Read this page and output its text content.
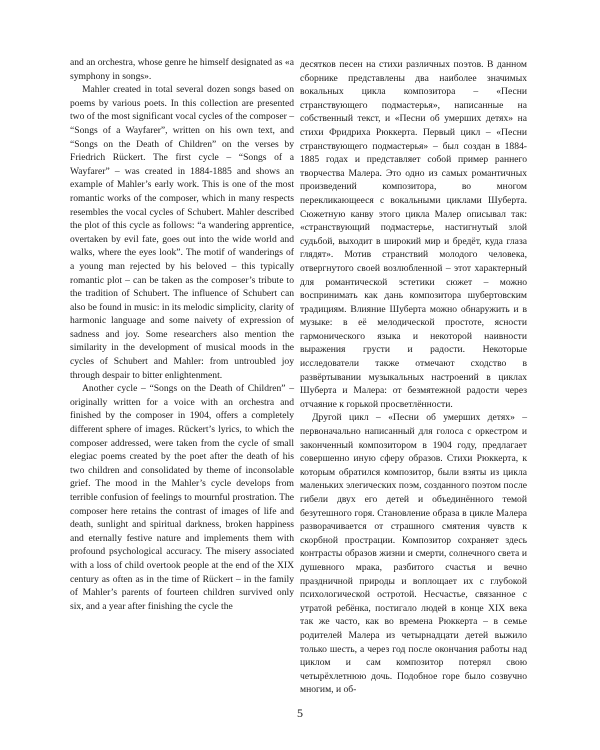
and an orchestra, whose genre he himself designated as «a symphony in songs».

Mahler created in total several dozen songs based on poems by various poets. In this collection are presented two of the most significant vocal cycles of the composer – “Songs of a Wayfarer”, written on his own text, and “Songs on the Death of Children” on the verses by Friedrich Rückert. The first cycle – “Songs of a Wayfarer” – was created in 1884-1885 and shows an example of Mahler’s early work. This is one of the most romantic works of the composer, which in many respects resembles the vocal cycles of Schubert. Mahler described the plot of this cycle as follows: “a wandering apprentice, overtaken by evil fate, goes out into the wide world and walks, where the eyes look”. The motif of wanderings of a young man rejected by his beloved – this typically romantic plot – can be taken as the composer’s tribute to the tradition of Schubert. The influence of Schubert can also be found in music: in its melodic simplicity, clarity of harmonic language and some naivety of expression of sadness and joy. Some researchers also mention the similarity in the development of musical moods in the cycles of Schubert and Mahler: from untroubled joy through despair to bitter enlightenment.

Another cycle – “Songs on the Death of Children” – originally written for a voice with an orchestra and finished by the composer in 1904, offers a completely different sphere of images. Rückert’s lyrics, to which the composer addressed, were taken from the cycle of small elegiac poems created by the poet after the death of his two children and consolidated by theme of inconsolable grief. The mood in the Mahler’s cycle develops from terrible confusion of feelings to mournful prostration. The composer here retains the contrast of images of life and death, sunlight and spiritual darkness, broken happiness and eternally festive nature and implements them with profound psychological accuracy. The misery associated with a loss of child overtook people at the end of the XIX century as often as in the time of Rückert – in the family of Mahler’s parents of fourteen children survived only six, and a year after finishing the cycle the

десятков песен на стихи различных поэтов. В данном сборнике представлены два наиболее значимых вокальных цикла композитора – «Песни странствующего подмастерья», написанные на собственный текст, и «Песни об умерших детях» на стихи Фридриха Рюккерта. Первый цикл – «Песни странствующего подмастерья» – был создан в 1884-1885 годах и представляет собой пример раннего творчества Малера. Это одно из самых романтичных произведений композитора, во многом перекликающееся с вокальными циклами Шуберта. Сюжетную канву этого цикла Малер описывал так: «странствующий подмастерье, настигнутый злой судьбой, выходит в широкий мир и бредёт, куда глаза глядят». Мотив странствий молодого человека, отвергнутого своей возлюбленной – этот характерный для романтической эстетики сюжет – можно воспринимать как дань композитора шубертовским традициям. Влияние Шуберта можно обнаружить и в музыке: в её мелодической простоте, ясности гармонического языка и некоторой наивности выражения грусти и радости. Некоторые исследователи также отмечают сходство в развёртывании музыкальных настроений в циклах Шуберта и Малера: от безмятежной радости через отчаяние к горькой просветлённости.

Другой цикл – «Песни об умерших детях» – первоначально написанный для голоса с оркестром и законченный композитором в 1904 году, предлагает совершенно иную сферу образов. Стихи Рюккерта, к которым обратился композитор, были взяты из цикла маленьких элегических поэм, созданного поэтом после гибели двух его детей и объединённого темой безутешного горя. Становление образа в цикле Малера разворачивается от страшного смятения чувств к скорбной прострации. Композитор сохраняет здесь контрасты образов жизни и смерти, солнечного света и душевного мрака, разбитого счастья и вечно праздничной природы и воплощает их с глубокой психологической остротой. Несчастье, связанное с утратой ребёнка, постигало людей в конце XIX века так же часто, как во времена Рюккерта – в семье родителей Малера из четырнадцати детей выжило только шесть, а через год после окончания работы над циклом и сам композитор потерял свою четырёхлетнюю дочь. Подобное горе было созвучно многим, и об-

5
